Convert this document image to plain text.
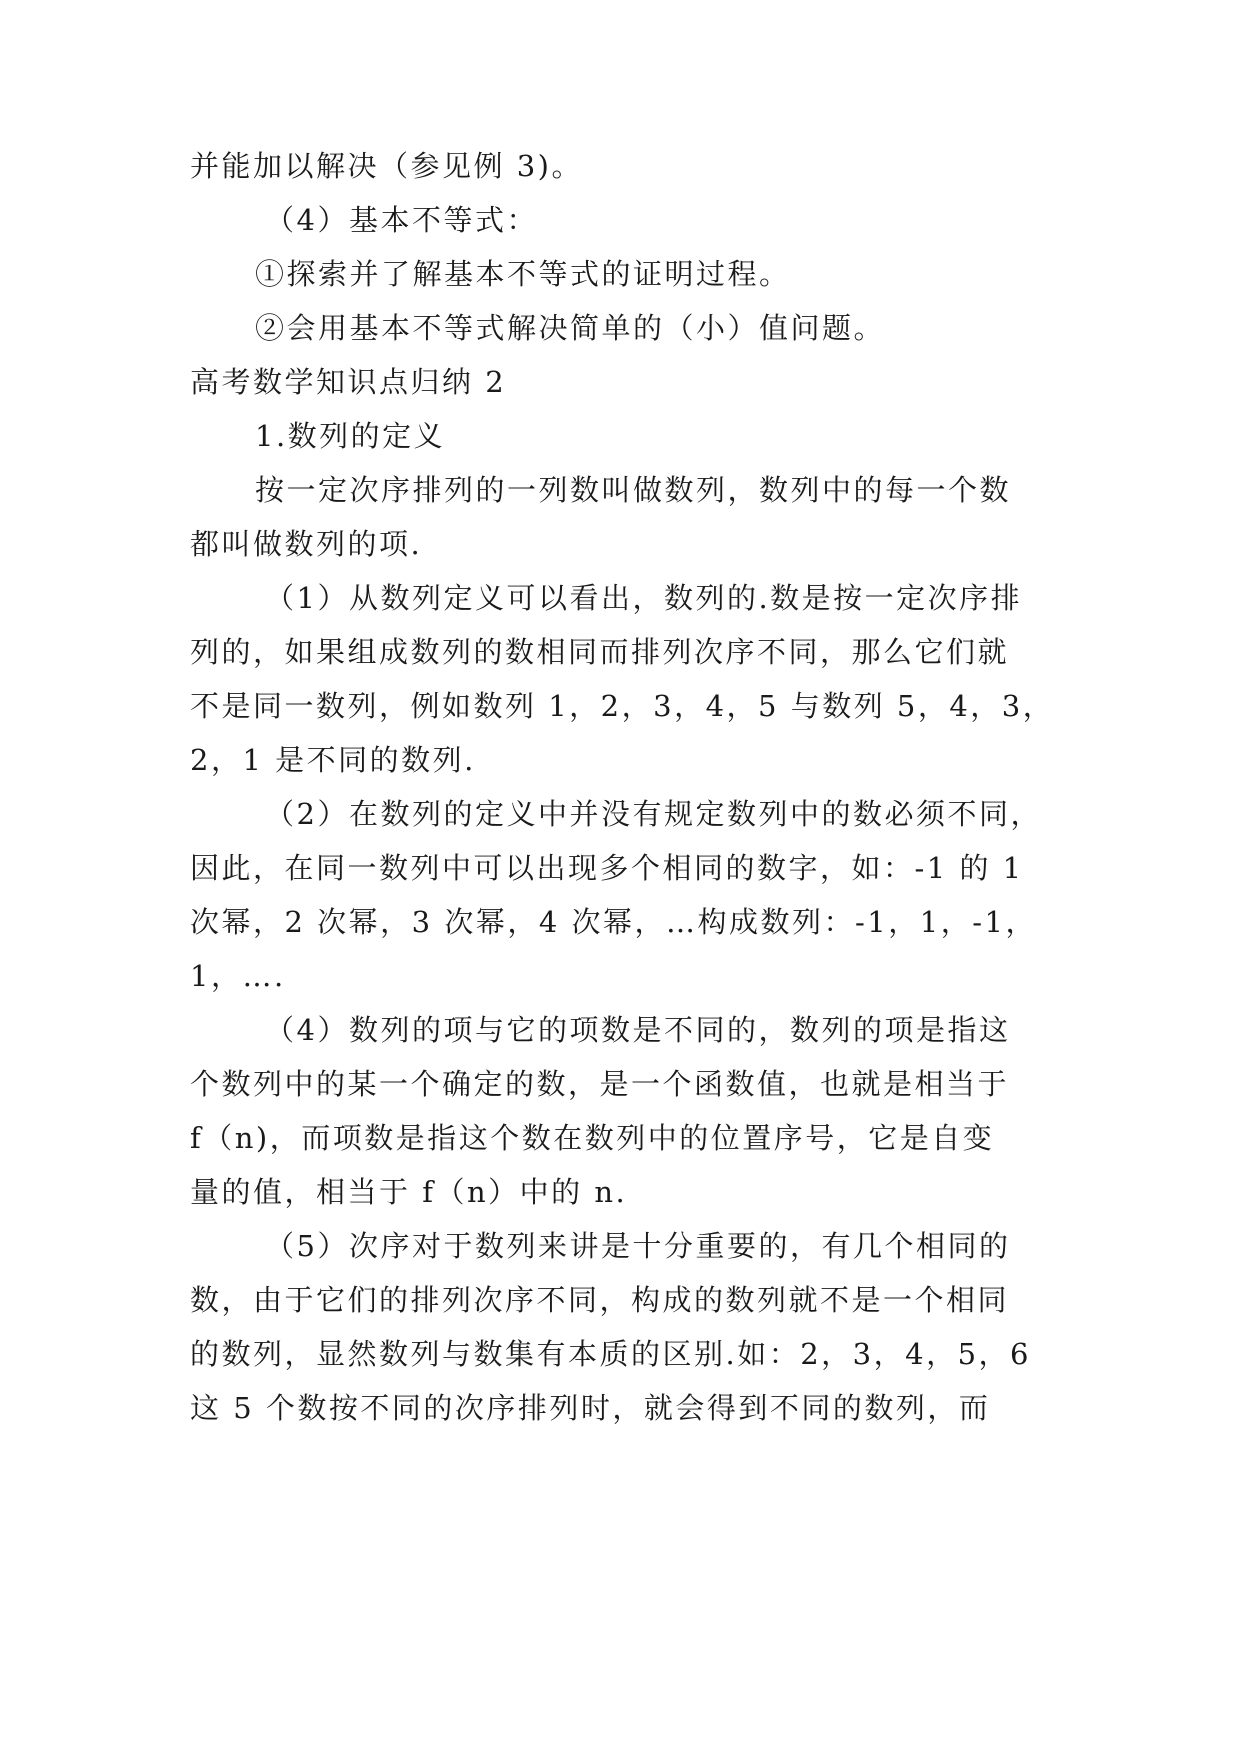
并能加以解决（参见例 3)。

（4）基本不等式：

①探索并了解基本不等式的证明过程。

②会用基本不等式解决简单的（小）值问题。

高考数学知识点归纳 2

1.数列的定义

按一定次序排列的一列数叫做数列，数列中的每一个数

都叫做数列的项.

（1）从数列定义可以看出，数列的.数是按一定次序排

列的，如果组成数列的数相同而排列次序不同，那么它们就

不是同一数列，例如数列 1，2，3，4，5 与数列 5，4，3，

2，1 是不同的数列.

（2）在数列的定义中并没有规定数列中的数必须不同，

因此，在同一数列中可以出现多个相同的数字，如：-1 的 1

次幂，2 次幂，3 次幂，4 次幂，…构成数列：-1，1，-1，

1，….

（4）数列的项与它的项数是不同的，数列的项是指这

个数列中的某一个确定的数，是一个函数值，也就是相当于

f（n)，而项数是指这个数在数列中的位置序号，它是自变

量的值，相当于 f（n）中的 n.

（5）次序对于数列来讲是十分重要的，有几个相同的

数，由于它们的排列次序不同，构成的数列就不是一个相同

的数列，显然数列与数集有本质的区别.如：2，3，4，5，6

这 5 个数按不同的次序排列时，就会得到不同的数列，而
